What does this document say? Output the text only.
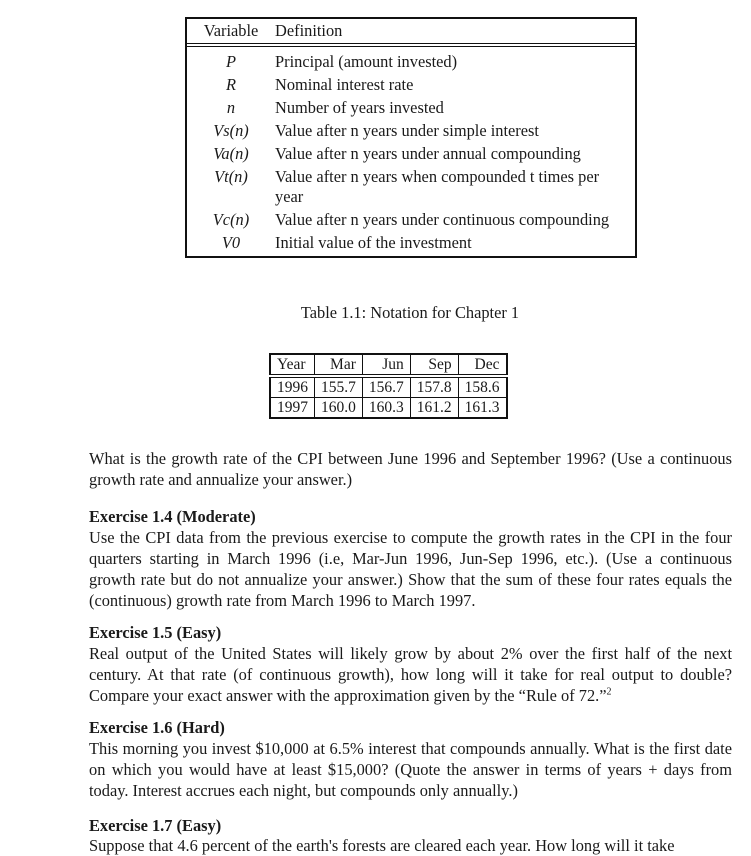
Variable	Definition
P	Principal (amount invested)
R	Nominal interest rate
n	Number of years invested
Vs(n)	Value after n years under simple interest
Va(n)	Value after n years under annual compounding
Vt(n)	Value after n years when compounded t times per year
Vc(n)	Value after n years under continuous compounding
V0	Initial value of the investment
Table 1.1: Notation for Chapter 1
Year	Mar	Jun	Sep	Dec
1996	155.7	156.7	157.8	158.6
1997	160.0	160.3	161.2	161.3
What is the growth rate of the CPI between June 1996 and September 1996? (Use a continuous growth rate and annualize your answer.)
Exercise 1.4 (Moderate)
Use the CPI data from the previous exercise to compute the growth rates in the CPI in the four quarters starting in March 1996 (i.e, Mar-Jun 1996, Jun-Sep 1996, etc.). (Use a continuous growth rate but do not annualize your answer.) Show that the sum of these four rates equals the (continuous) growth rate from March 1996 to March 1997.
Exercise 1.5 (Easy)
Real output of the United States will likely grow by about 2% over the first half of the next century. At that rate (of continuous growth), how long will it take for real output to double? Compare your exact answer with the approximation given by the “Rule of 72.”$^2$
Exercise 1.6 (Hard)
This morning you invest $10,000 at 6.5% interest that compounds annually. What is the first date on which you would have at least $15,000? (Quote the answer in terms of years + days from today. Interest accrues each night, but compounds only annually.)
Exercise 1.7 (Easy)
Suppose that 4.6 percent of the earth's forests are cleared each year. How long will it take
